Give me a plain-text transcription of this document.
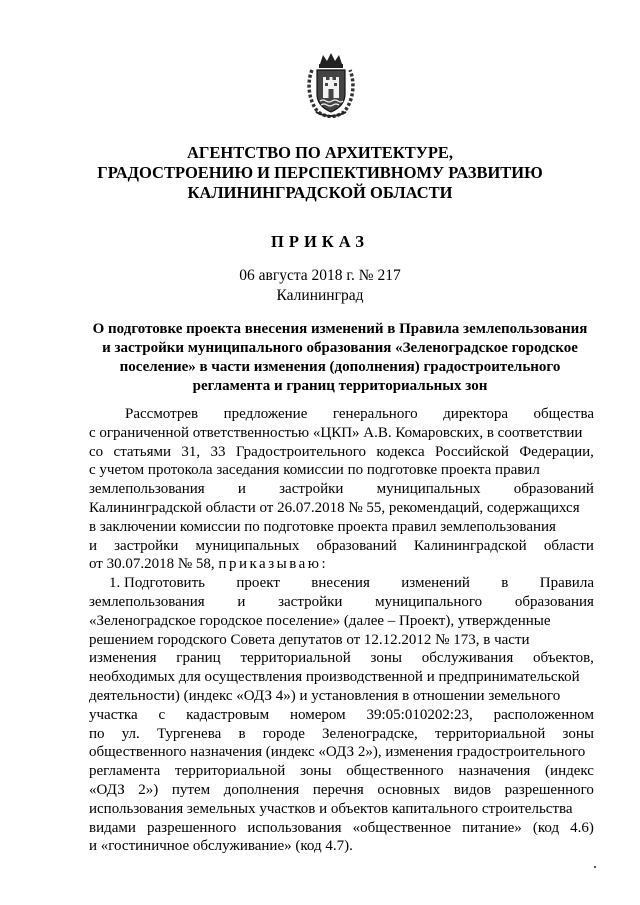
АГЕНТСТВО ПО АРХИТЕКТУРЕ,
ГРАДОСТРОЕНИЮ И ПЕРСПЕКТИВНОМУ РАЗВИТИЮ
КАЛИНИНГРАДСКОЙ ОБЛАСТИ
ПРИКАЗ
06 августа 2018 г. № 217
Калининград
О подготовке проекта внесения изменений в Правила землепользования
и застройки муниципального образования «Зеленоградское городское
поселение» в части изменения (дополнения) градостроительного
регламента и границ территориальных зон
Рассмотрев предложение генерального директора общества
с ограниченной ответственностью «ЦКП» А.В. Комаровских, в соответствии
со статьями 31, 33 Градостроительного кодекса Российской Федерации,
с учетом протокола заседания комиссии по подготовке проекта правил
землепользования и застройки муниципальных образований
Калининградской области от 26.07.2018 № 55, рекомендаций, содержащихся
в заключении комиссии по подготовке проекта правил землепользования
и застройки муниципальных образований Калининградской области
от 30.07.2018 № 58,
приказываю:
1. Подготовить проект внесения изменений в Правила
землепользования и застройки муниципального образования
«Зеленоградское городское поселение» (далее – Проект), утвержденные
решением городского Совета депутатов от 12.12.2012 № 173, в части
изменения границ территориальной зоны обслуживания объектов,
необходимых для осуществления производственной и предпринимательской
деятельности) (индекс «ОДЗ 4») и установления в отношении земельного
участка с кадастровым номером 39:05:010202:23, расположенном
по ул. Тургенева в городе Зеленоградске, территориальной зоны
общественного назначения (индекс «ОДЗ 2»), изменения градостроительного
регламента территориальной зоны общественного назначения (индекс
«ОДЗ 2») путем дополнения перечня основных видов разрешенного
использования земельных участков и объектов капитального строительства
видами разрешенного использования «общественное питание» (код 4.6)
и «гостиничное обслуживание» (код 4.7).
